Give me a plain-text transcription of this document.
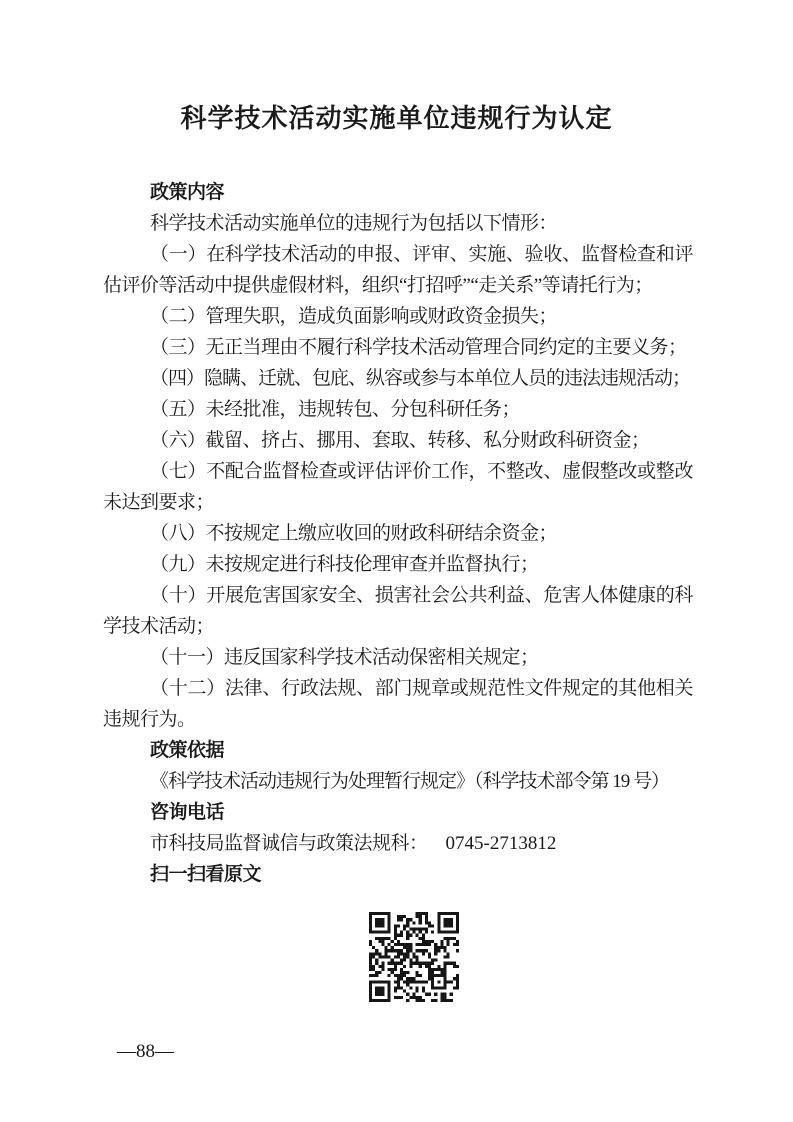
科学技术活动实施单位违规行为认定

政策内容

科学技术活动实施单位的违规行为包括以下情形：

（一）在科学技术活动的申报、评审、实施、验收、监督检查和评估评价等活动中提供虚假材料，组织“打招呼”“走关系”等请托行为；

（二）管理失职，造成负面影响或财政资金损失；

（三）无正当理由不履行科学技术活动管理合同约定的主要义务；

（四）隐瞒、迁就、包庇、纵容或参与本单位人员的违法违规活动；

（五）未经批准，违规转包、分包科研任务；

（六）截留、挤占、挪用、套取、转移、私分财政科研资金；

（七）不配合监督检查或评估评价工作，不整改、虚假整改或整改未达到要求；

（八）不按规定上缴应收回的财政科研结余资金；

（九）未按规定进行科技伦理审查并监督执行；

（十）开展危害国家安全、损害社会公共利益、危害人体健康的科学技术活动；

（十一）违反国家科学技术活动保密相关规定；

（十二）法律、行政法规、部门规章或规范性文件规定的其他相关违规行为。

政策依据

《科学技术活动违规行为处理暂行规定》（科学技术部令第 19 号）

咨询电话

市科技局监督诚信与政策法规科： 0745-2713812

扫一扫看原文

—88—
